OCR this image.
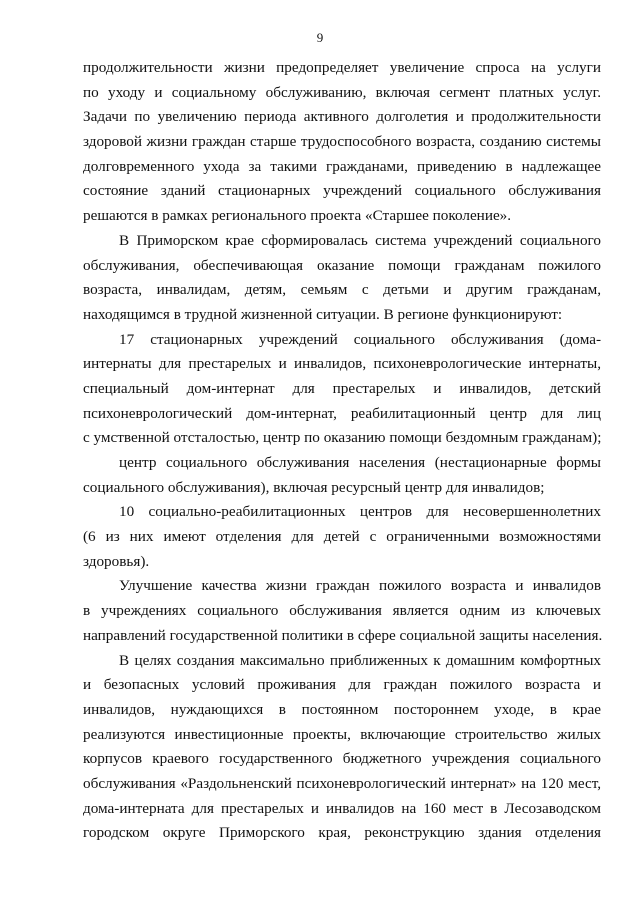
9
продолжительности жизни предопределяет увеличение спроса на услуги
по уходу и социальному обслуживанию, включая сегмент платных услуг.
Задачи по увеличению периода активного долголетия и продолжительности
здоровой жизни граждан старше трудоспособного возраста, созданию системы
долговременного ухода за такими гражданами, приведению в надлежащее
состояние зданий стационарных учреждений социального обслуживания
решаются в рамках регионального проекта «Старшее поколение».
В Приморском крае сформировалась система учреждений социального
обслуживания, обеспечивающая оказание помощи гражданам пожилого
возраста, инвалидам, детям, семьям с детьми и другим гражданам,
находящимся в трудной жизненной ситуации. В регионе функционируют:
17 стационарных учреждений социального обслуживания (дома-
интернаты для престарелых и инвалидов, психоневрологические интернаты,
специальный дом-интернат для престарелых и инвалидов, детский
психоневрологический дом-интернат, реабилитационный центр для лиц
с умственной отсталостью, центр по оказанию помощи бездомным гражданам);
центр социального обслуживания населения (нестационарные формы
социального обслуживания), включая ресурсный центр для инвалидов;
10 социально-реабилитационных центров для несовершеннолетних
(6 из них имеют отделения для детей с ограниченными возможностями
здоровья).
Улучшение качества жизни граждан пожилого возраста и инвалидов
в учреждениях социального обслуживания является одним из ключевых
направлений государственной политики в сфере социальной защиты населения.
В целях создания максимально приближенных к домашним комфортных
и безопасных условий проживания для граждан пожилого возраста и
инвалидов, нуждающихся в постоянном постороннем уходе, в крае
реализуются инвестиционные проекты, включающие строительство жилых
корпусов краевого государственного бюджетного учреждения социального
обслуживания «Раздольненский психоневрологический интернат» на 120 мест,
дома-интерната для престарелых и инвалидов на 160 мест в Лесозаводском
городском округе Приморского края, реконструкцию здания отделения
